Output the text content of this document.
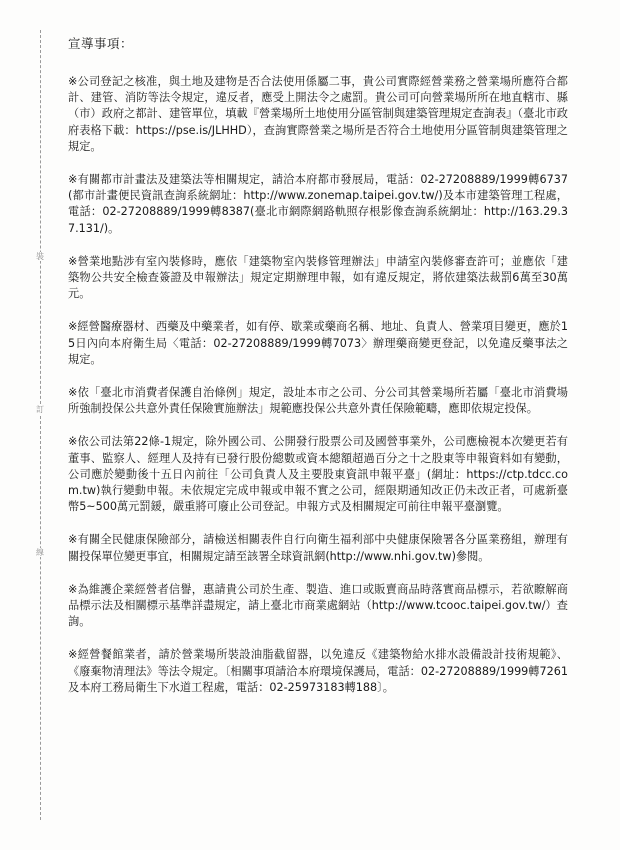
裝
訂
線
宣導事項：

※公司登記之核准，與土地及建物是否合法使用係屬二事，貴公司實際經營業務之營業場所應符合都計、建管、消防等法令規定，違反者，應受上開法令之處罰。貴公司可向營業場所所在地直轄市、縣（市）政府之都計、建管單位，填載『營業場所土地使用分區管制與建築管理規定查詢表』（臺北市政府表格下載：https://pse.is/JLHHD），查詢實際營業之場所是否符合土地使用分區管制與建築管理之規定。

※有關都市計畫法及建築法等相關規定，請洽本府都市發展局，電話：02-27208889/1999轉6737(都市計畫便民資訊查詢系統網址：http://www.zonemap.taipei.gov.tw/)及本市建築管理工程處，電話：02-27208889/1999轉8387(臺北市網際網路軌照存根影像查詢系統網址：http://163.29.37.131/)。

※營業地點涉有室內裝修時，應依「建築物室內裝修管理辦法」申請室內裝修審查許可；並應依「建築物公共安全檢查簽證及申報辦法」規定定期辦理申報，如有違反規定，將依建築法裁罰6萬至30萬元。

※經營醫療器材、西藥及中藥業者，如有停、歇業或藥商名稱、地址、負責人、營業項目變更，應於15日內向本府衛生局〈電話：02-27208889/1999轉7073〉辦理藥商變更登記，以免違反藥事法之規定。

※依「臺北市消費者保護自治條例」規定，設址本市之公司、分公司其營業場所若屬「臺北市消費場所強制投保公共意外責任保險實施辦法」規範應投保公共意外責任保險範疇，應即依規定投保。

※依公司法第22條-1規定，除外國公司、公開發行股票公司及國營事業外，公司應檢視本次變更若有董事、監察人、經理人及持有已發行股份總數或資本總額超過百分之十之股東等申報資料如有變動，公司應於變動後十五日內前往「公司負責人及主要股東資訊申報平臺」(網址：https://ctp.tdcc.com.tw)執行變動申報。未依規定完成申報或申報不實之公司，經限期通知改正仍未改正者，可處新臺幣5~500萬元罰鍰，嚴重將可廢止公司登記。申報方式及相關規定可前往申報平臺瀏覽。

※有關全民健康保險部分，請檢送相關表件自行向衛生福利部中央健康保險署各分區業務組，辦理有關投保單位變更事宜，相關規定請至該署全球資訊網(http://www.nhi.gov.tw)參閱。

※為維護企業經營者信譽，惠請貴公司於生產、製造、進口或販賣商品時落實商品標示，若欲瞭解商品標示法及相關標示基準詳盡規定，請上臺北市商業處網站（http://www.tcooc.taipei.gov.tw/）查詢。

※經營餐館業者，請於營業場所裝設油脂截留器，以免違反《建築物給水排水設備設計技術規範》、《廢棄物清理法》等法令規定。〔相關事項請洽本府環境保護局，電話：02-27208889/1999轉7261及本府工務局衛生下水道工程處，電話：02-25973183轉188〕。
